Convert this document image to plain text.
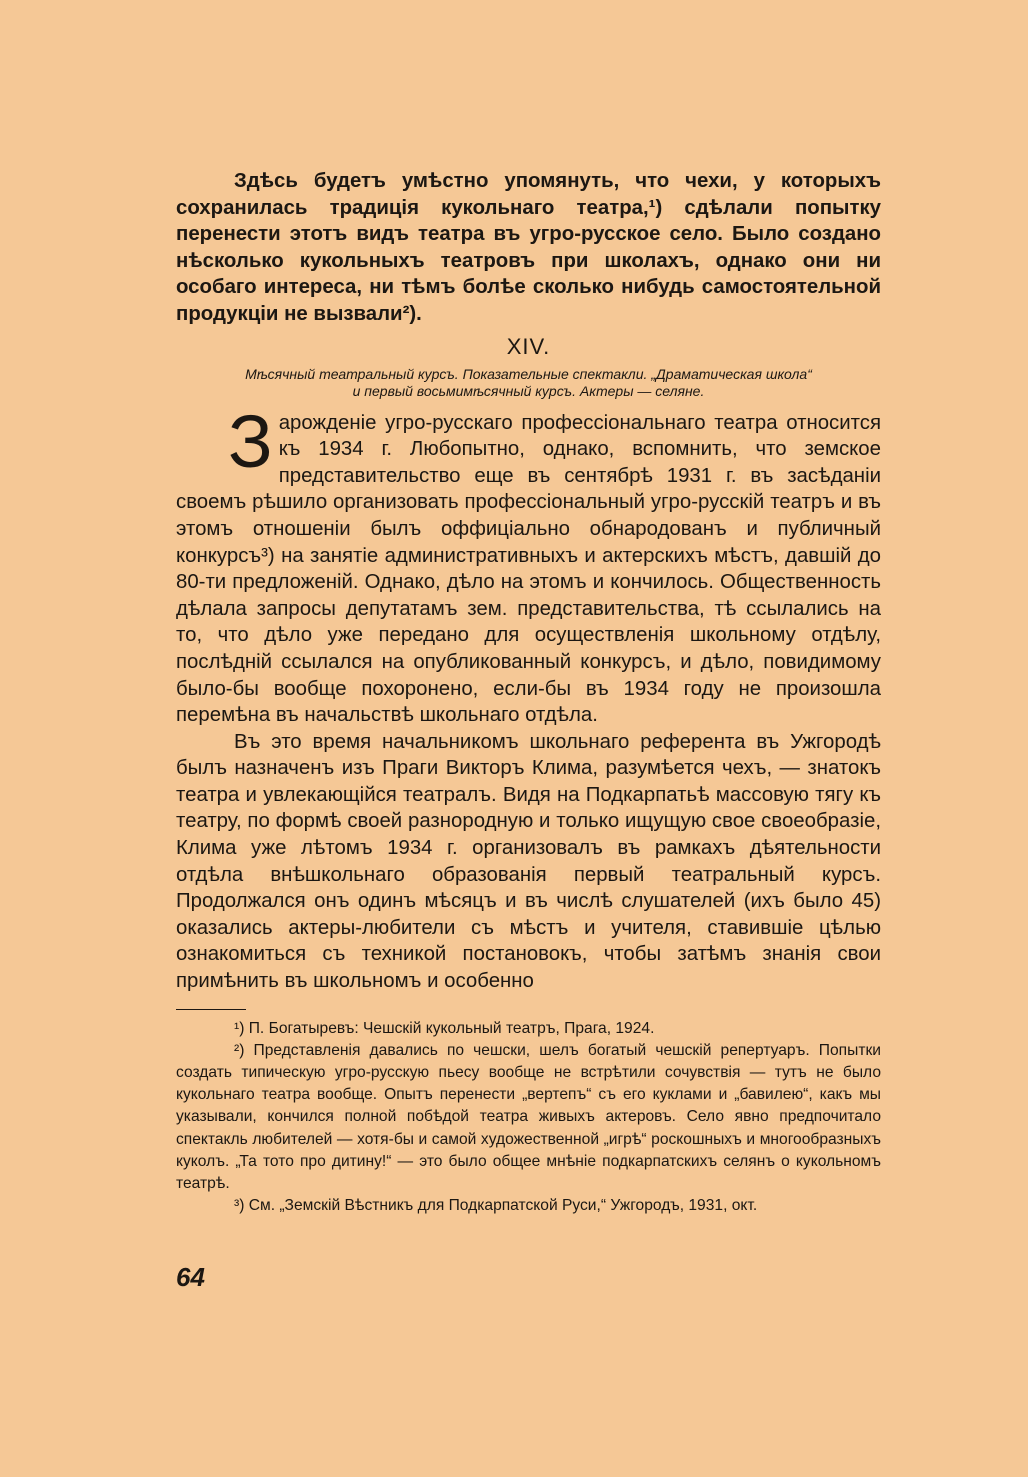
Здѣсь будетъ умѣстно упомянуть, что чехи, у которыхъ сохранилась традиція кукольнаго театра,¹) сдѣлали попытку перенести этотъ видъ театра въ угро-русское село. Было создано нѣсколько кукольныхъ театровъ при школахъ, однако они ни особаго интереса, ни тѣмъ болѣе сколько нибудь самостоятельной продукціи не вызвали²).

XIV.
Мѣсячный театральный курсъ. Показательные спектакли. „Драматическая школа“
и первый восьмимѣсячный курсъ. Актеры — селяне.

Зарожденіе угро-русскаго профессіональнаго театра относится къ 1934 г. Любопытно, однако, вспомнить, что земское представительство еще въ сентябрѣ 1931 г. въ засѣданіи своемъ рѣшило организовать профессіональный угро-русскій театръ и въ этомъ отношеніи былъ оффиціально обнародованъ и публичный конкурсъ³) на занятіе административныхъ и актерскихъ мѣстъ, давшій до 80-ти предложеній. Однако, дѣло на этомъ и кончилось. Общественность дѣлала запросы депутатамъ зем. представительства, тѣ ссылались на то, что дѣло уже передано для осуществленія школьному отдѣлу, послѣдній ссылался на опубликованный конкурсъ, и дѣло, повидимому было-бы вообще похоронено, если-бы въ 1934 году не произошла перемѣна въ начальствѣ школьнаго отдѣла.

Въ это время начальникомъ школьнаго референта въ Ужгородѣ былъ назначенъ изъ Праги Викторъ Клима, разумѣется чехъ, — знатокъ театра и увлекающійся театралъ. Видя на Подкарпатьѣ массовую тягу къ театру, по формѣ своей разнородную и только ищущую свое своеобразіе, Клима уже лѣтомъ 1934 г. организовалъ въ рамкахъ дѣятельности отдѣла внѣшкольнаго образованія первый театральный курсъ. Продолжался онъ одинъ мѣсяцъ и въ числѣ слушателей (ихъ было 45) оказались актеры-любители съ мѣстъ и учителя, ставившіе цѣлью ознакомиться съ техникой постановокъ, чтобы затѣмъ знанія свои примѣнить въ школьномъ и особенно

¹) П. Богатыревъ: Чешскій кукольный театръ, Прага, 1924.

²) Представленія давались по чешски, шелъ богатый чешскій репертуаръ. Попытки создать типическую угро-русскую пьесу вообще не встрѣтили сочувствія — тутъ не было кукольнаго театра вообще. Опытъ перенести „вертепъ“ съ его куклами и „бавилею“, какъ мы указывали, кончился полной побѣдой театра живыхъ актеровъ. Село явно предпочитало спектакль любителей — хотя-бы и самой художественной „игрѣ“ роскошныхъ и многообразныхъ куколъ. „Та тото про дитину!“ — это было общее мнѣніе подкарпатскихъ селянъ о кукольномъ театрѣ.

³) См. „Земскій Вѣстникъ для Подкарпатской Руси,“ Ужгородъ, 1931, окт.

64
